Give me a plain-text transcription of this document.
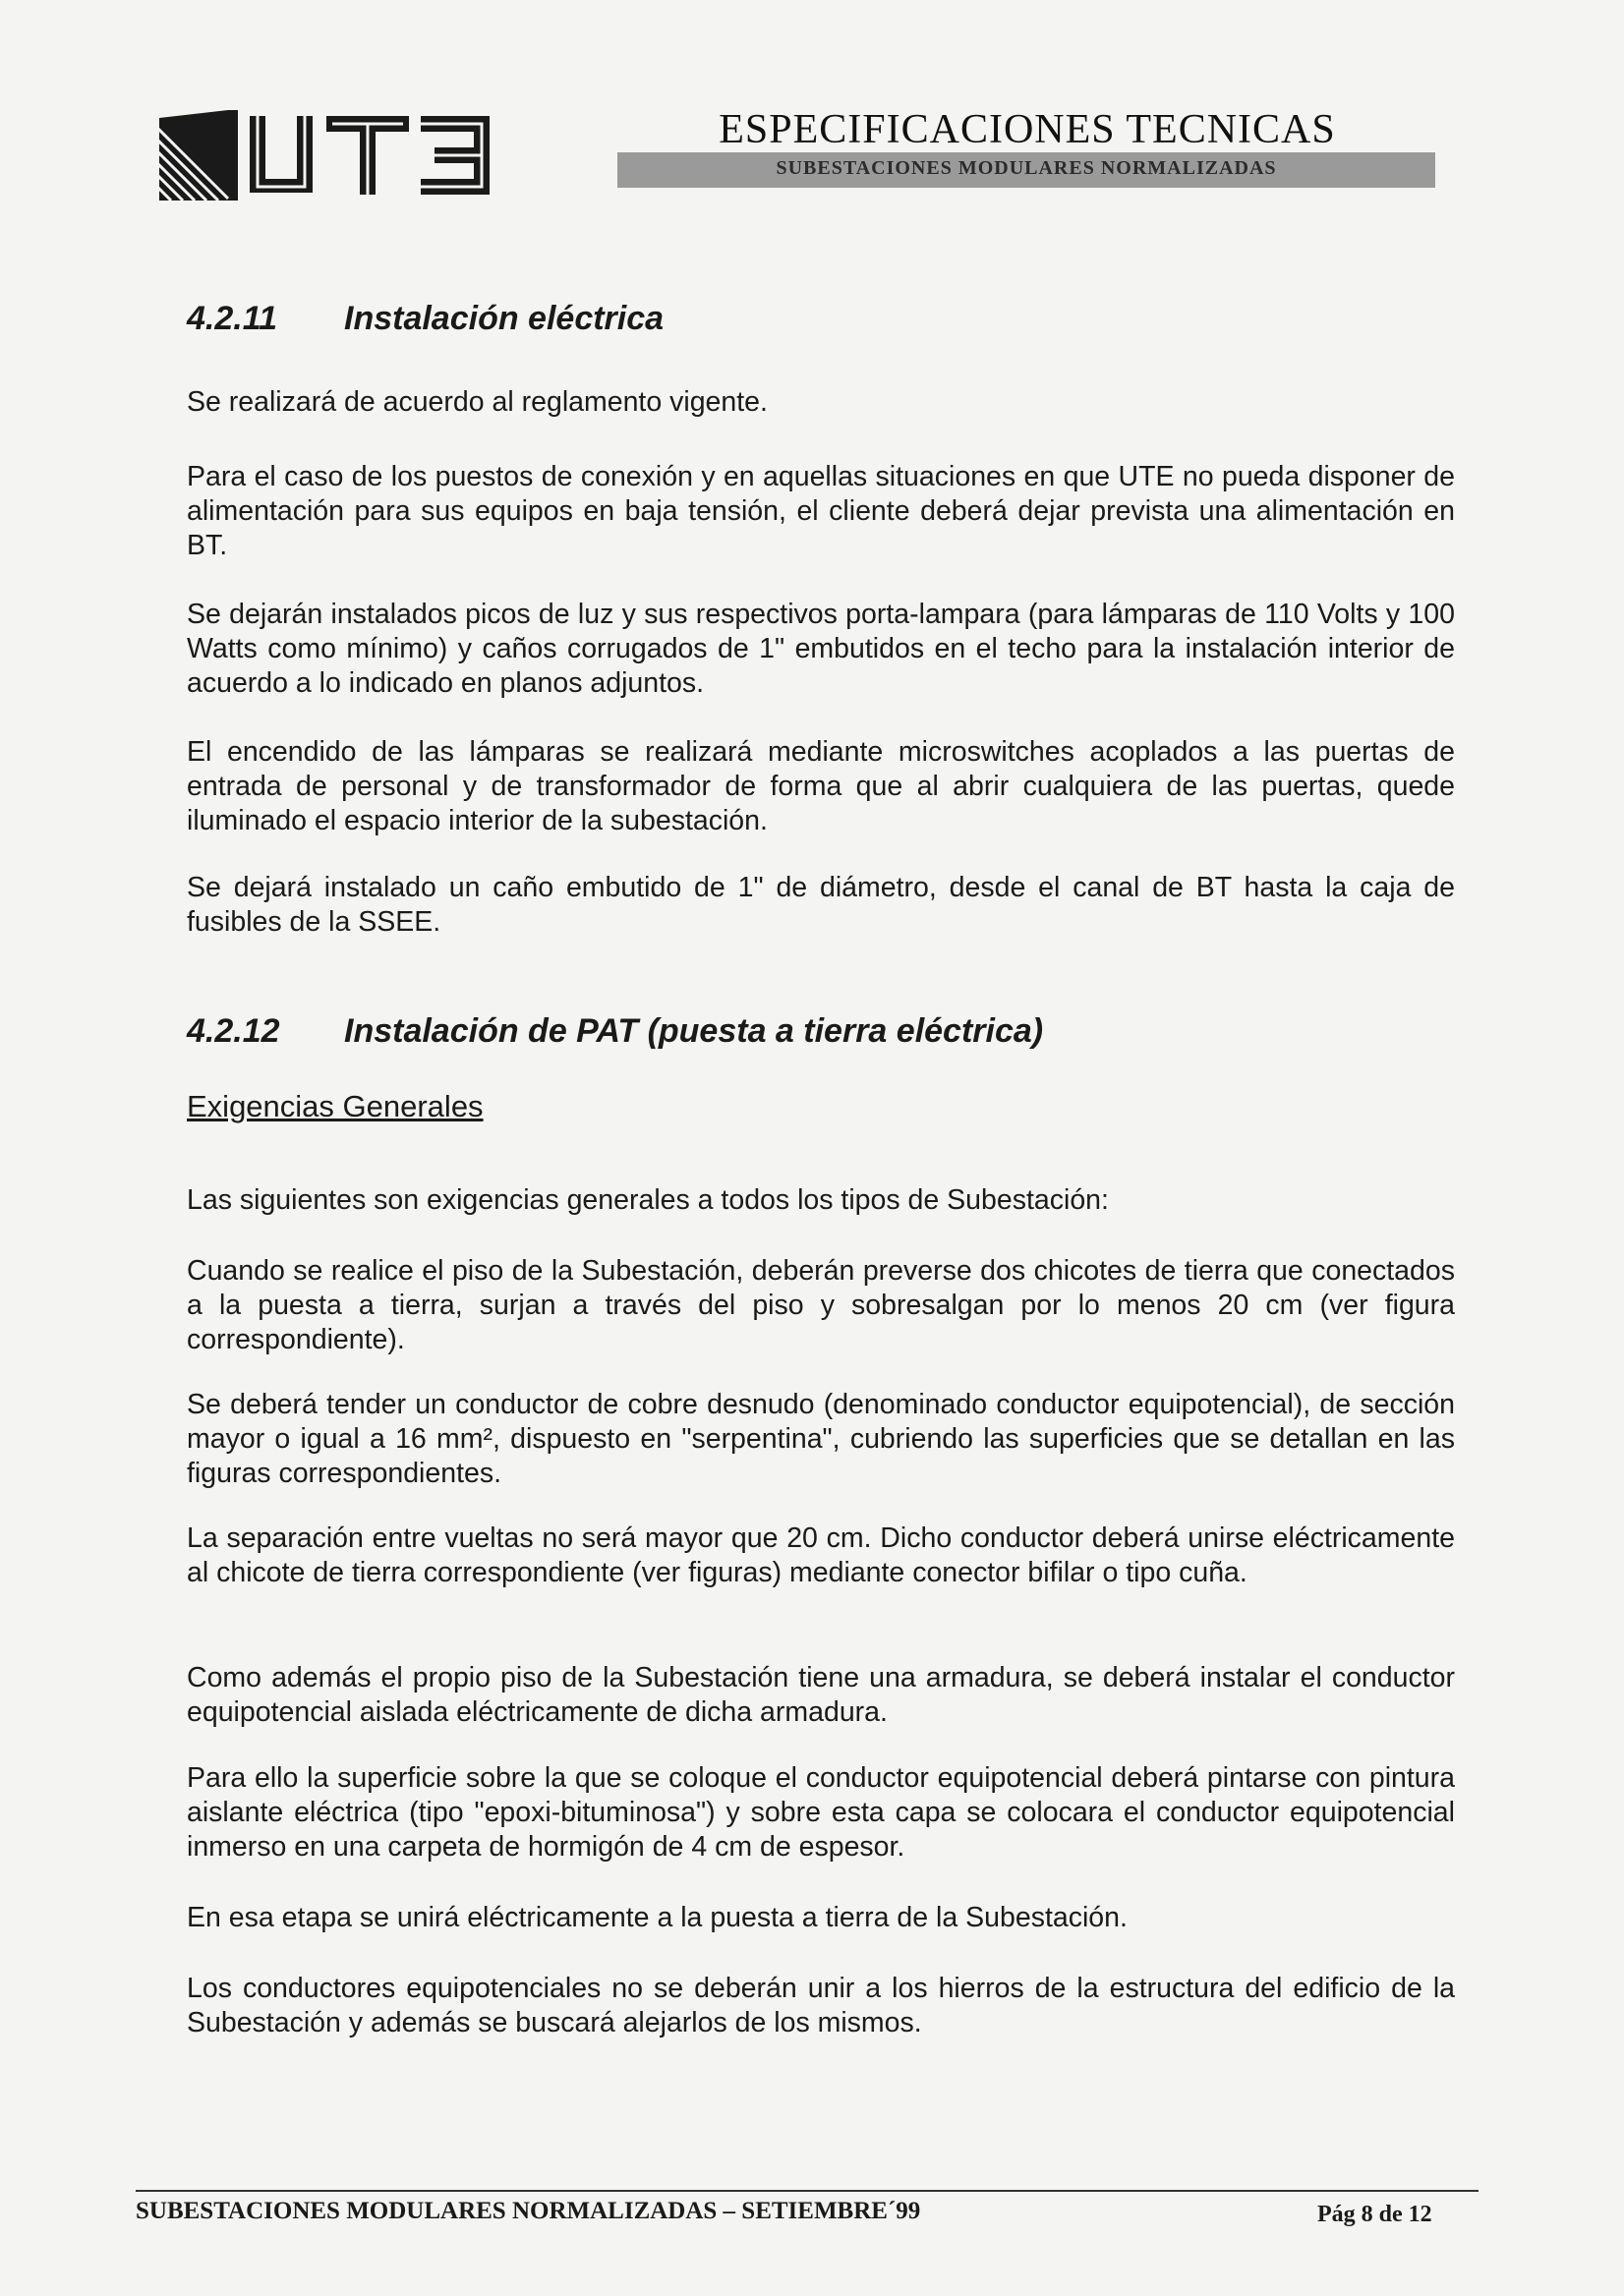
ESPECIFICACIONES TECNICAS
SUBESTACIONES MODULARES NORMALIZADAS
4.2.11 Instalación eléctrica
Se realizará de acuerdo al reglamento vigente.
Para el caso de los puestos de conexión y en aquellas situaciones en que UTE no pueda disponer de alimentación para sus equipos en baja tensión, el cliente deberá dejar prevista una alimentación en BT.
Se dejarán instalados picos de luz y sus respectivos porta-lampara (para lámparas de 110 Volts y 100 Watts como mínimo) y caños corrugados de 1" embutidos en el techo para la instalación interior de acuerdo a lo indicado en planos adjuntos.
El encendido de las lámparas se realizará mediante microswitches acoplados a las puertas de entrada de personal y de transformador de forma que al abrir cualquiera de las puertas, quede iluminado el espacio interior de la subestación.
Se dejará instalado un caño embutido de 1" de diámetro, desde el canal de BT hasta la caja de fusibles de la SSEE.
4.2.12 Instalación de PAT (puesta a tierra eléctrica)
Exigencias Generales
Las siguientes son exigencias generales a todos los tipos de Subestación:
Cuando se realice el piso de la Subestación, deberán preverse dos chicotes de tierra que conectados a la puesta a tierra, surjan a través del piso y sobresalgan por lo menos 20 cm (ver figura correspondiente).
Se deberá tender un conductor de cobre desnudo (denominado conductor equipotencial), de sección mayor o igual a 16 mm², dispuesto en "serpentina", cubriendo las superficies que se detallan en las figuras correspondientes.
La separación entre vueltas no será mayor que 20 cm. Dicho conductor deberá unirse eléctricamente al chicote de tierra correspondiente (ver figuras) mediante conector bifilar o tipo cuña.
Como además el propio piso de la Subestación tiene una armadura, se deberá instalar el conductor equipotencial aislada eléctricamente de dicha armadura.
Para ello la superficie sobre la que se coloque el conductor equipotencial deberá pintarse con pintura aislante eléctrica (tipo "epoxi-bituminosa") y sobre esta capa se colocara el conductor equipotencial inmerso en una carpeta de hormigón de 4 cm de espesor.
En esa etapa se unirá eléctricamente a la puesta a tierra de la Subestación.
Los conductores equipotenciales no se deberán unir a los hierros de la estructura del edificio de la Subestación y además se buscará alejarlos de los mismos.
SUBESTACIONES MODULARES NORMALIZADAS – SETIEMBRE´99	Pág 8 de 12
